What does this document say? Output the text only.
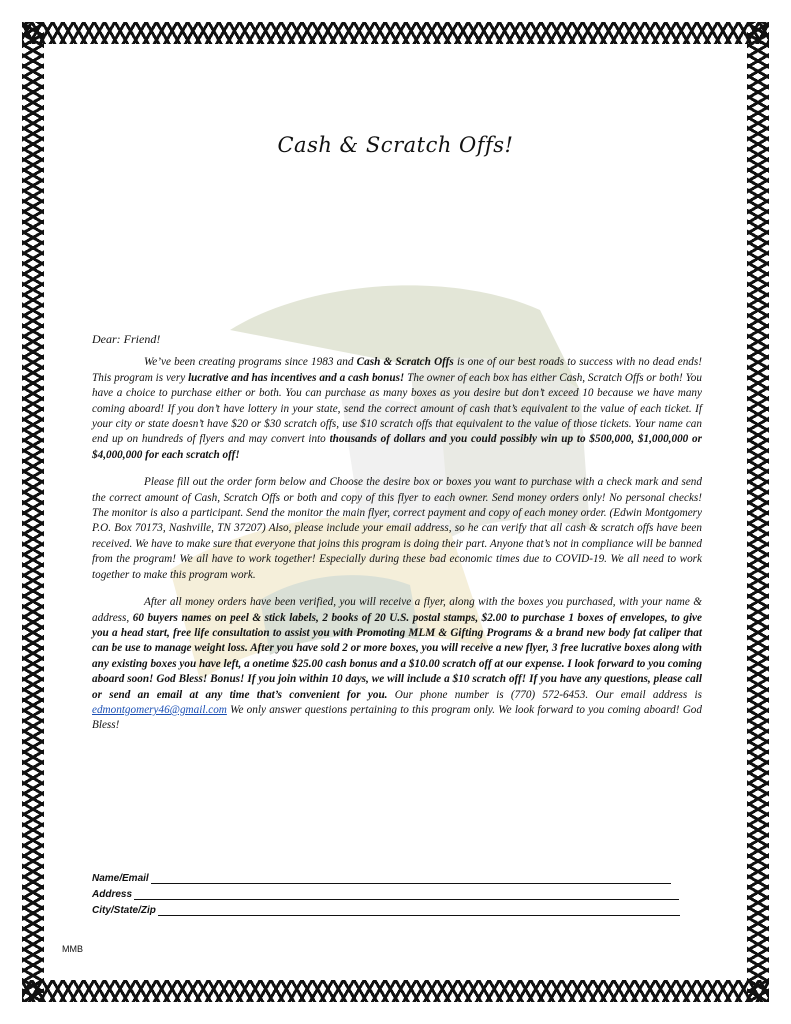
Cash & Scratch Offs!

Dear: Friend!

We’ve been creating programs since 1983 and Cash & Scratch Offs is one of our best roads to success with no dead ends! This program is very lucrative and has incentives and a cash bonus! The owner of each box has either Cash, Scratch Offs or both! You have a choice to purchase either or both. You can purchase as many boxes as you desire but don’t exceed 10 because we have many coming aboard! If you don’t have lottery in your state, send the correct amount of cash that’s equivalent to the value of each ticket. If your city or state doesn’t have $20 or $30 scratch offs, use $10 scratch offs that equivalent to the value of those tickets. Your name can end up on hundreds of flyers and may convert into thousands of dollars and you could possibly win up to $500,000, $1,000,000 or $4,000,000 for each scratch off!

Please fill out the order form below and Choose the desire box or boxes you want to purchase with a check mark and send the correct amount of Cash, Scratch Offs or both and copy of this flyer to each owner. Send money orders only! No personal checks! The monitor is also a participant. Send the monitor the main flyer, correct payment and copy of each money order. (Edwin Montgomery P.O. Box 70173, Nashville, TN 37207) Also, please include your email address, so he can verify that all cash & scratch offs have been received. We have to make sure that everyone that joins this program is doing their part. Anyone that’s not in compliance will be banned from the program! We all have to work together! Especially during these bad economic times due to COVID-19. We all need to work together to make this program work.

After all money orders have been verified, you will receive a flyer, along with the boxes you purchased, with your name & address, 60 buyers names on peel & stick labels, 2 books of 20 U.S. postal stamps, $2.00 to purchase 1 boxes of envelopes, to give you a head start, free life consultation to assist you with Promoting MLM & Gifting Programs & a brand new body fat caliper that can be use to manage weight loss. After you have sold 2 or more boxes, you will receive a new flyer, 3 free lucrative boxes along with any existing boxes you have left, a onetime $25.00 cash bonus and a $10.00 scratch off at our expense. I look forward to you coming aboard soon! God Bless! Bonus! If you join within 10 days, we will include a $10 scratch off! If you have any questions, please call or send an email at any time that’s convenient for you. Our phone number is (770) 572-6453. Our email address is edmontgomery46@gmail.com We only answer questions pertaining to this program only. We look forward to you coming aboard! God Bless!

Name/Email
Address
City/State/Zip
MMB
